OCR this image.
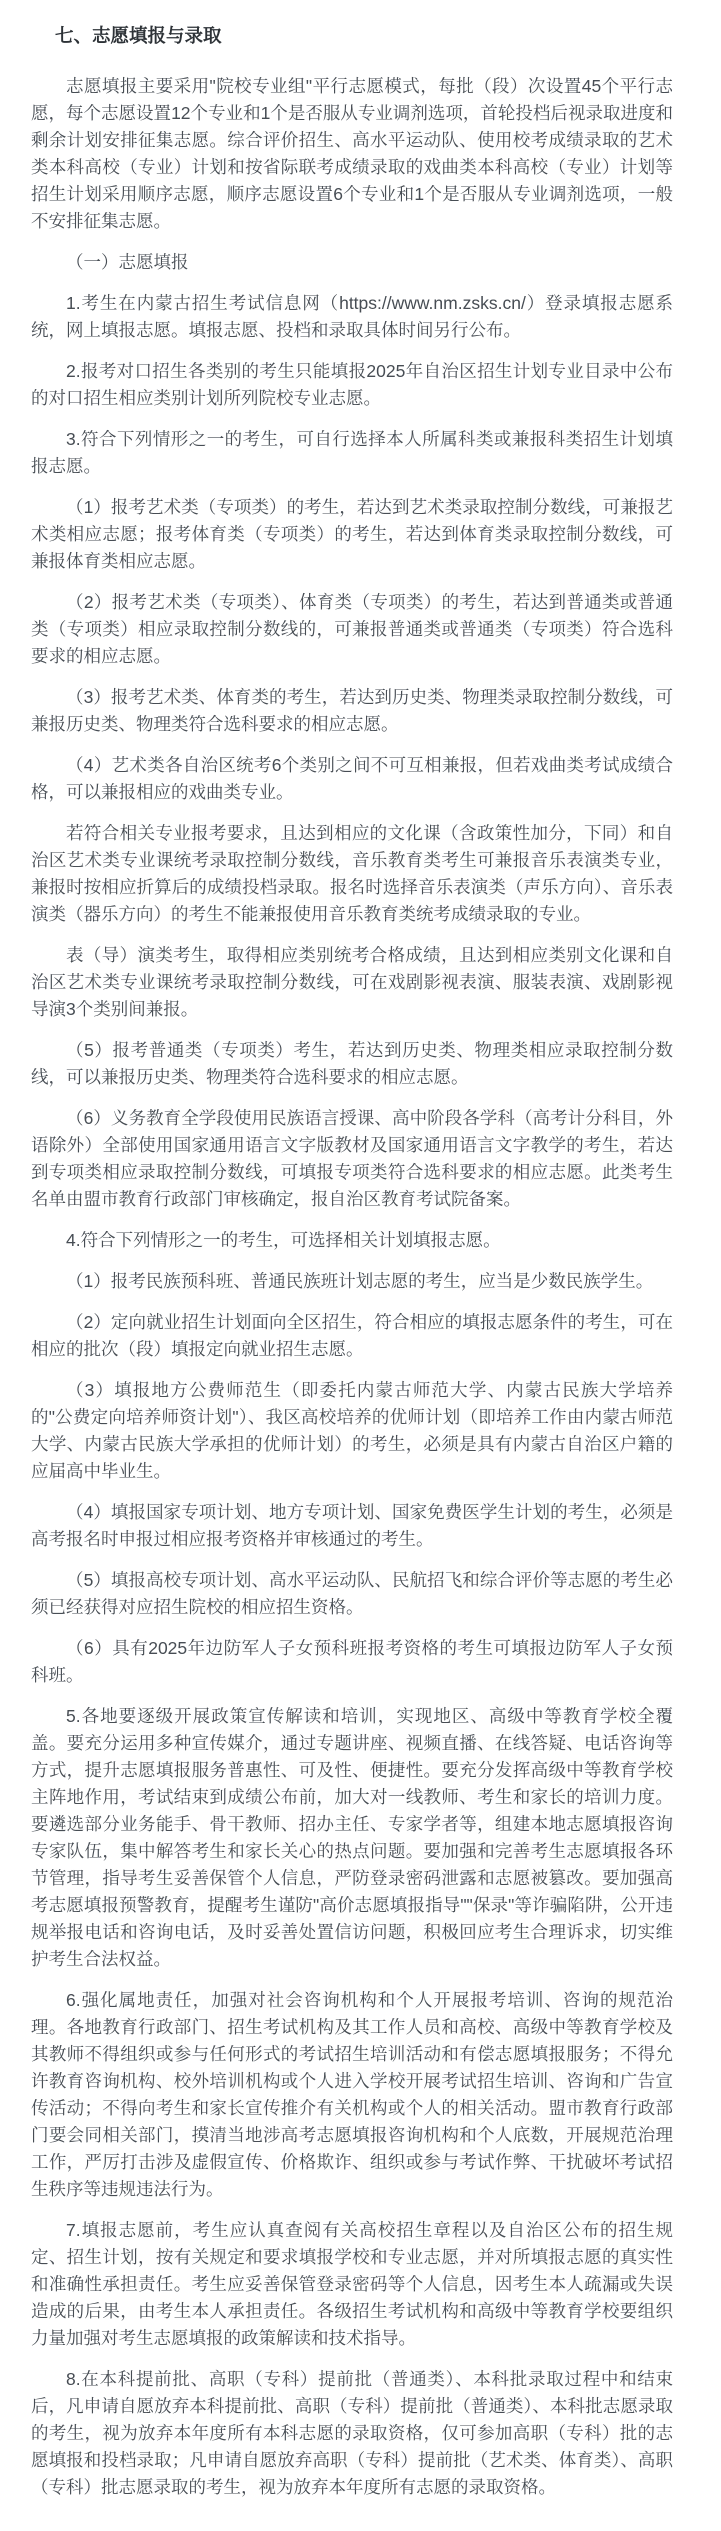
七、志愿填报与录取

志愿填报主要采用"院校专业组"平行志愿模式，每批（段）次设置45个平行志愿，每个志愿设置12个专业和1个是否服从专业调剂选项，首轮投档后视录取进度和剩余计划安排征集志愿。综合评价招生、高水平运动队、使用校考成绩录取的艺术类本科高校（专业）计划和按省际联考成绩录取的戏曲类本科高校（专业）计划等招生计划采用顺序志愿，顺序志愿设置6个专业和1个是否服从专业调剂选项，一般不安排征集志愿。

（一）志愿填报

1.考生在内蒙古招生考试信息网（https://www.nm.zsks.cn/）登录填报志愿系统，网上填报志愿。填报志愿、投档和录取具体时间另行公布。

2.报考对口招生各类别的考生只能填报2025年自治区招生计划专业目录中公布的对口招生相应类别计划所列院校专业志愿。

3.符合下列情形之一的考生，可自行选择本人所属科类或兼报科类招生计划填报志愿。

（1）报考艺术类（专项类）的考生，若达到艺术类录取控制分数线，可兼报艺术类相应志愿；报考体育类（专项类）的考生，若达到体育类录取控制分数线，可兼报体育类相应志愿。

（2）报考艺术类（专项类）、体育类（专项类）的考生，若达到普通类或普通类（专项类）相应录取控制分数线的，可兼报普通类或普通类（专项类）符合选科要求的相应志愿。

（3）报考艺术类、体育类的考生，若达到历史类、物理类录取控制分数线，可兼报历史类、物理类符合选科要求的相应志愿。

（4）艺术类各自治区统考6个类别之间不可互相兼报，但若戏曲类考试成绩合格，可以兼报相应的戏曲类专业。

若符合相关专业报考要求，且达到相应的文化课（含政策性加分，下同）和自治区艺术类专业课统考录取控制分数线，音乐教育类考生可兼报音乐表演类专业，兼报时按相应折算后的成绩投档录取。报名时选择音乐表演类（声乐方向）、音乐表演类（器乐方向）的考生不能兼报使用音乐教育类统考成绩录取的专业。

表（导）演类考生，取得相应类别统考合格成绩，且达到相应类别文化课和自治区艺术类专业课统考录取控制分数线，可在戏剧影视表演、服装表演、戏剧影视导演3个类别间兼报。

（5）报考普通类（专项类）考生，若达到历史类、物理类相应录取控制分数线，可以兼报历史类、物理类符合选科要求的相应志愿。

（6）义务教育全学段使用民族语言授课、高中阶段各学科（高考计分科目，外语除外）全部使用国家通用语言文字版教材及国家通用语言文字教学的考生，若达到专项类相应录取控制分数线，可填报专项类符合选科要求的相应志愿。此类考生名单由盟市教育行政部门审核确定，报自治区教育考试院备案。

4.符合下列情形之一的考生，可选择相关计划填报志愿。

（1）报考民族预科班、普通民族班计划志愿的考生，应当是少数民族学生。

（2）定向就业招生计划面向全区招生，符合相应的填报志愿条件的考生，可在相应的批次（段）填报定向就业招生志愿。

（3）填报地方公费师范生（即委托内蒙古师范大学、内蒙古民族大学培养的"公费定向培养师资计划"）、我区高校培养的优师计划（即培养工作由内蒙古师范大学、内蒙古民族大学承担的优师计划）的考生，必须是具有内蒙古自治区户籍的应届高中毕业生。

（4）填报国家专项计划、地方专项计划、国家免费医学生计划的考生，必须是高考报名时申报过相应报考资格并审核通过的考生。

（5）填报高校专项计划、高水平运动队、民航招飞和综合评价等志愿的考生必须已经获得对应招生院校的相应招生资格。

（6）具有2025年边防军人子女预科班报考资格的考生可填报边防军人子女预科班。

5.各地要逐级开展政策宣传解读和培训，实现地区、高级中等教育学校全覆盖。要充分运用多种宣传媒介，通过专题讲座、视频直播、在线答疑、电话咨询等方式，提升志愿填报服务普惠性、可及性、便捷性。要充分发挥高级中等教育学校主阵地作用，考试结束到成绩公布前，加大对一线教师、考生和家长的培训力度。要遴选部分业务能手、骨干教师、招办主任、专家学者等，组建本地志愿填报咨询专家队伍，集中解答考生和家长关心的热点问题。要加强和完善考生志愿填报各环节管理，指导考生妥善保管个人信息，严防登录密码泄露和志愿被篡改。要加强高考志愿填报预警教育，提醒考生谨防"高价志愿填报指导""保录"等诈骗陷阱，公开违规举报电话和咨询电话，及时妥善处置信访问题，积极回应考生合理诉求，切实维护考生合法权益。

6.强化属地责任，加强对社会咨询机构和个人开展报考培训、咨询的规范治理。各地教育行政部门、招生考试机构及其工作人员和高校、高级中等教育学校及其教师不得组织或参与任何形式的考试招生培训活动和有偿志愿填报服务；不得允许教育咨询机构、校外培训机构或个人进入学校开展考试招生培训、咨询和广告宣传活动；不得向考生和家长宣传推介有关机构或个人的相关活动。盟市教育行政部门要会同相关部门，摸清当地涉高考志愿填报咨询机构和个人底数，开展规范治理工作，严厉打击涉及虚假宣传、价格欺诈、组织或参与考试作弊、干扰破坏考试招生秩序等违规违法行为。

7.填报志愿前，考生应认真查阅有关高校招生章程以及自治区公布的招生规定、招生计划，按有关规定和要求填报学校和专业志愿，并对所填报志愿的真实性和准确性承担责任。考生应妥善保管登录密码等个人信息，因考生本人疏漏或失误造成的后果，由考生本人承担责任。各级招生考试机构和高级中等教育学校要组织力量加强对考生志愿填报的政策解读和技术指导。

8.在本科提前批、高职（专科）提前批（普通类）、本科批录取过程中和结束后，凡申请自愿放弃本科提前批、高职（专科）提前批（普通类）、本科批志愿录取的考生，视为放弃本年度所有本科志愿的录取资格，仅可参加高职（专科）批的志愿填报和投档录取；凡申请自愿放弃高职（专科）提前批（艺术类、体育类）、高职（专科）批志愿录取的考生，视为放弃本年度所有志愿的录取资格。
